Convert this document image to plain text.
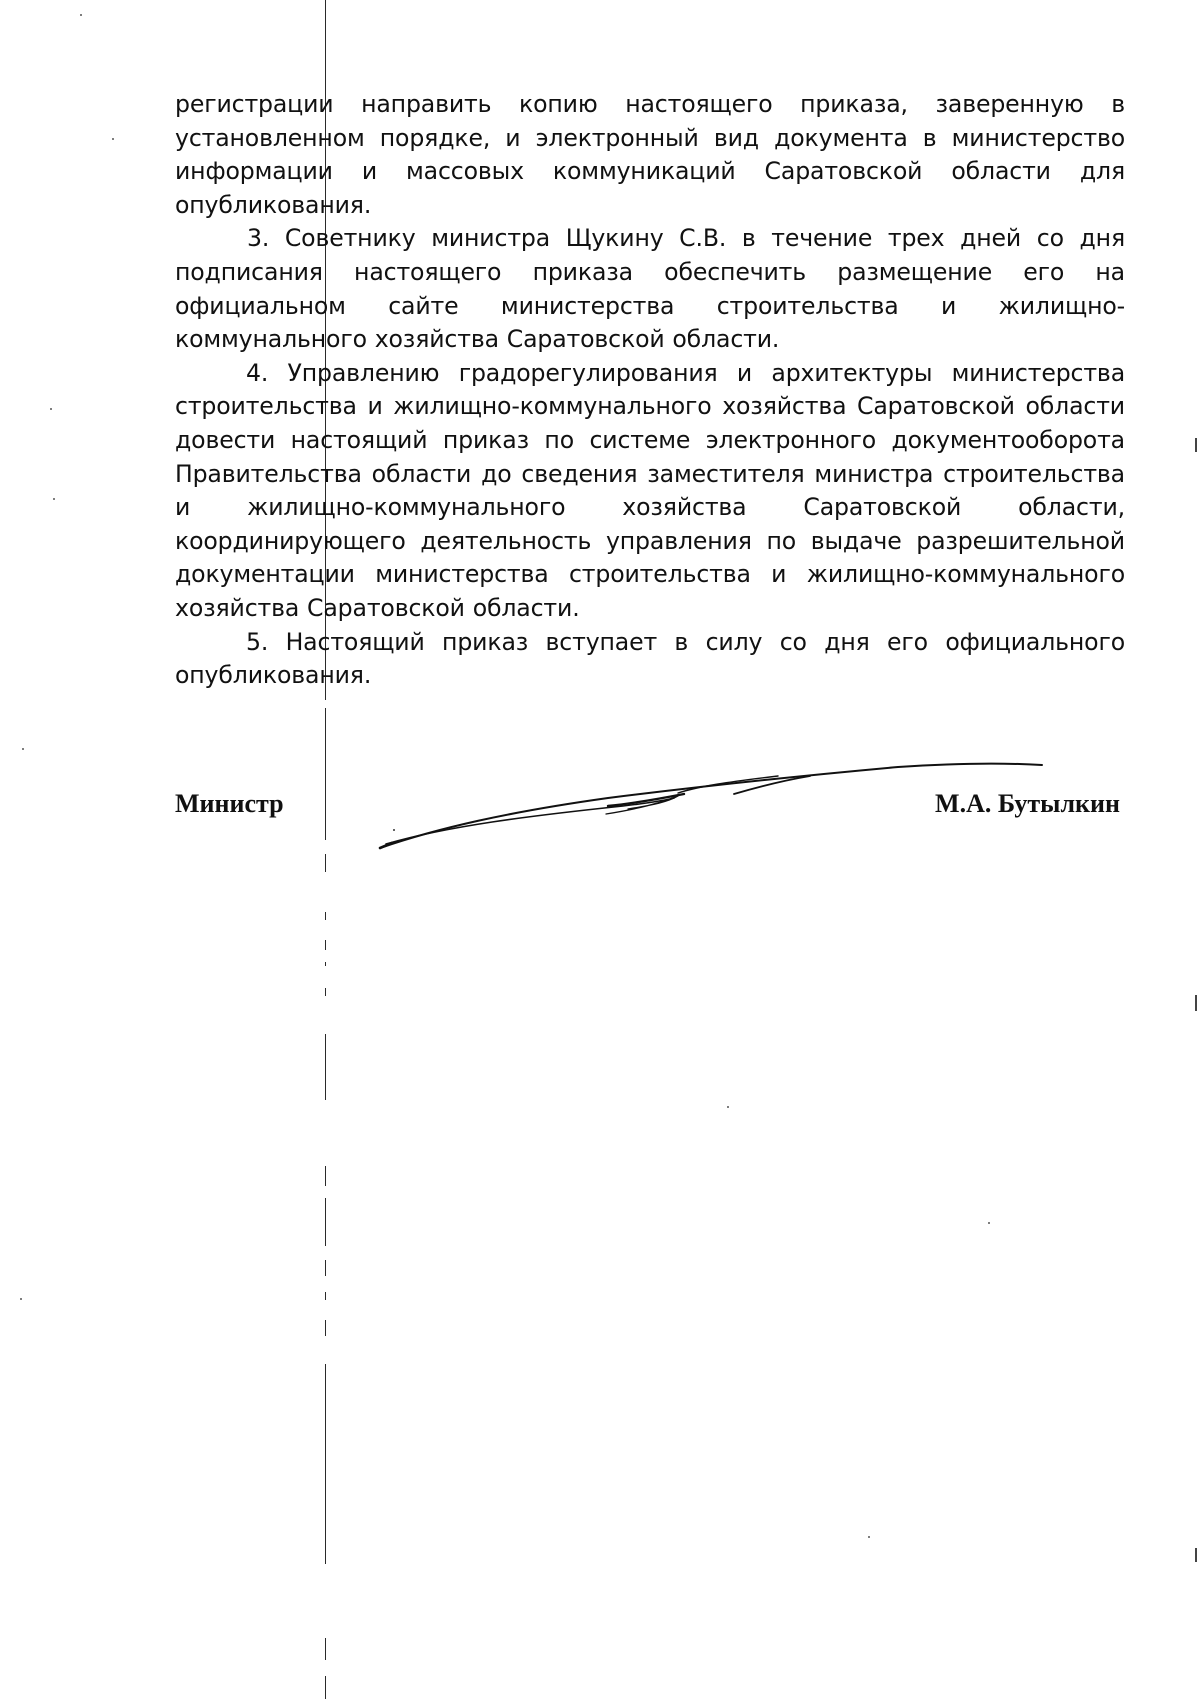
регистрации направить копию настоящего приказа, заверенную в установленном порядке, и электронный вид документа в министерство информации и массовых коммуникаций Саратовской области для опубликования.

3. Советнику министра Щукину С.В. в течение трех дней со дня подписания настоящего приказа обеспечить размещение его на официальном сайте министерства строительства и жилищно-коммунального хозяйства Саратовской области.

4. Управлению градорегулирования и архитектуры министерства строительства и жилищно-коммунального хозяйства Саратовской области довести настоящий приказ по системе электронного документооборота Правительства области до сведения заместителя министра строительства и жилищно-коммунального хозяйства Саратовской области, координирующего деятельность управления по выдаче разрешительной документации министерства строительства и жилищно-коммунального хозяйства Саратовской области.

5. Настоящий приказ вступает в силу со дня его официального опубликования.

Министр	М.А. Бутылкин
